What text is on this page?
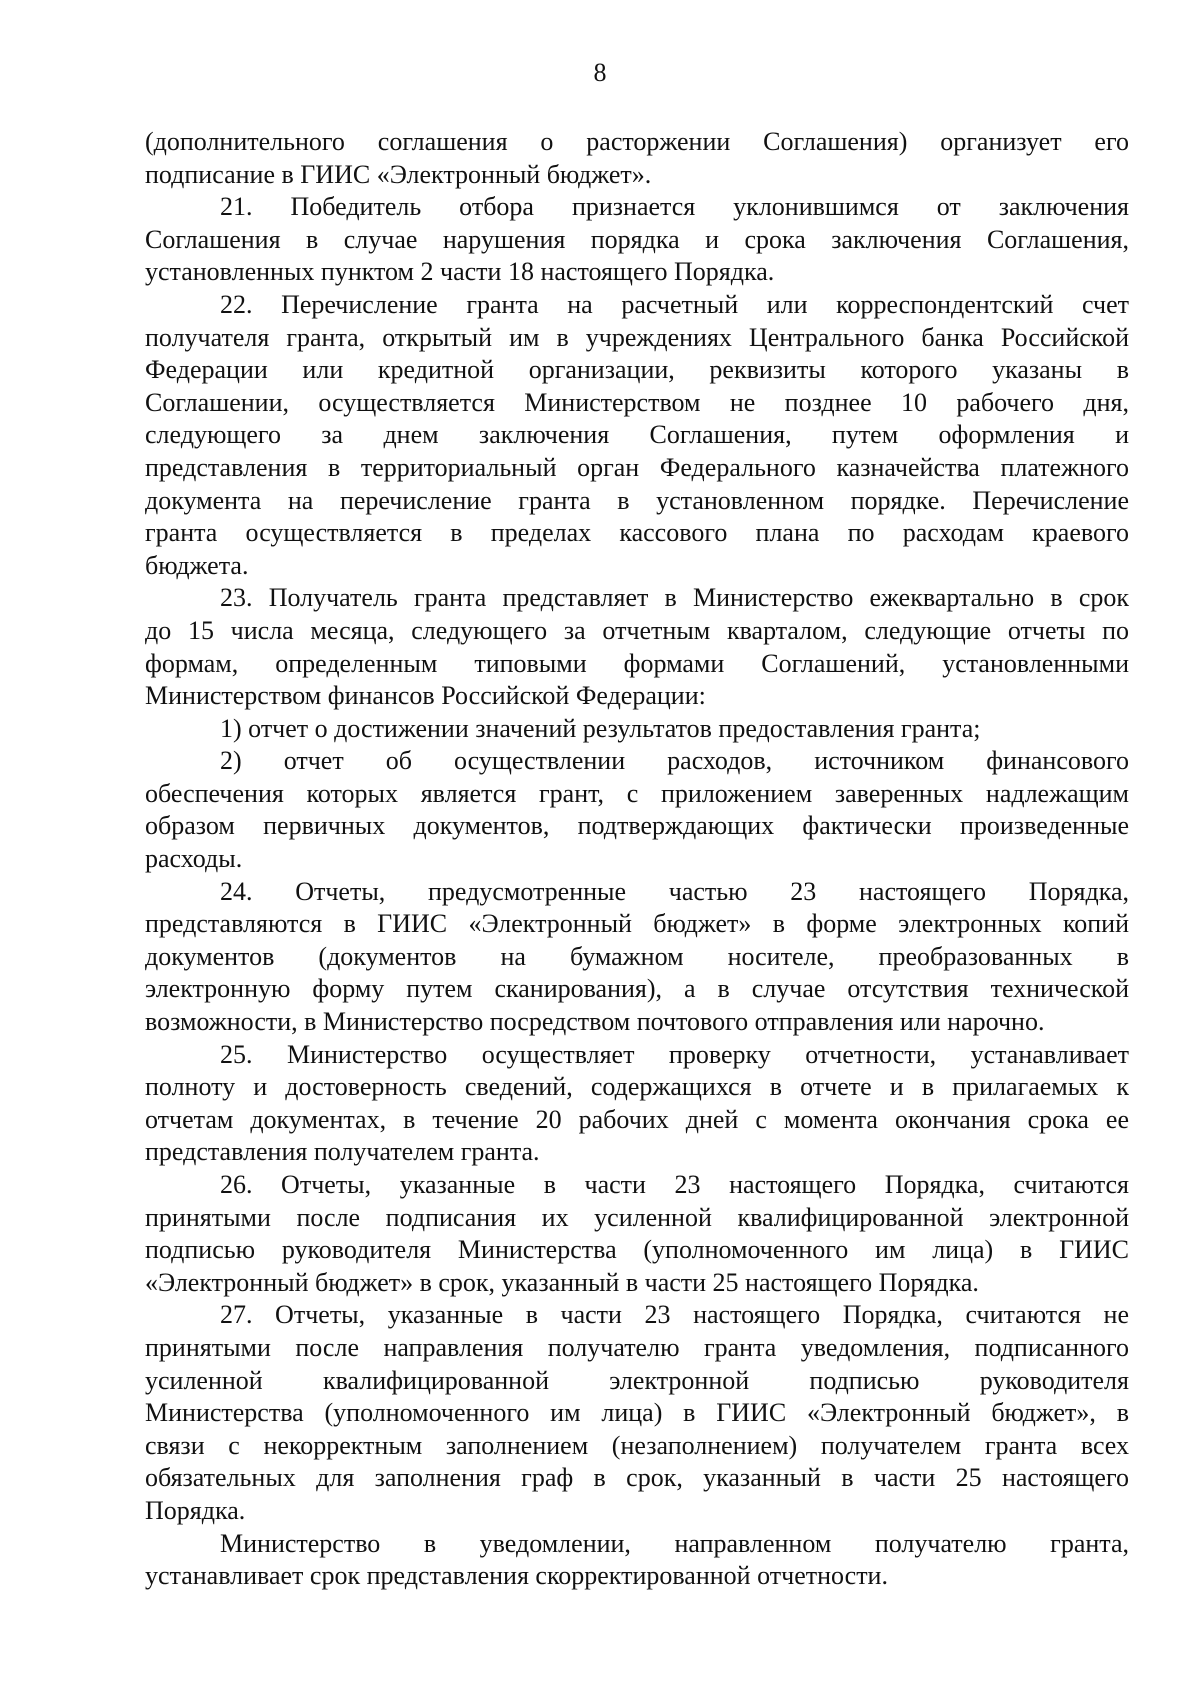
8
(дополнительного соглашения о расторжении Соглашения) организует его
подписание в ГИИС «Электронный бюджет».
21. Победитель отбора признается уклонившимся от заключения
Соглашения в случае нарушения порядка и срока заключения Соглашения,
установленных пунктом 2 части 18 настоящего Порядка.
22. Перечисление гранта на расчетный или корреспондентский счет
получателя гранта, открытый им в учреждениях Центрального банка Российской
Федерации или кредитной организации, реквизиты которого указаны в
Соглашении, осуществляется Министерством не позднее 10 рабочего дня,
следующего за днем заключения Соглашения, путем оформления и
представления в территориальный орган Федерального казначейства платежного
документа на перечисление гранта в установленном порядке. Перечисление
гранта осуществляется в пределах кассового плана по расходам краевого
бюджета.
23. Получатель гранта представляет в Министерство ежеквартально в срок
до 15 числа месяца, следующего за отчетным кварталом, следующие отчеты по
формам, определенным типовыми формами Соглашений, установленными
Министерством финансов Российской Федерации:
1) отчет о достижении значений результатов предоставления гранта;
2) отчет об осуществлении расходов, источником финансового
обеспечения которых является грант, с приложением заверенных надлежащим
образом первичных документов, подтверждающих фактически произведенные
расходы.
24. Отчеты, предусмотренные частью 23 настоящего Порядка,
представляются в ГИИС «Электронный бюджет» в форме электронных копий
документов (документов на бумажном носителе, преобразованных в
электронную форму путем сканирования), а в случае отсутствия технической
возможности, в Министерство посредством почтового отправления или нарочно.
25. Министерство осуществляет проверку отчетности, устанавливает
полноту и достоверность сведений, содержащихся в отчете и в прилагаемых к
отчетам документах, в течение 20 рабочих дней с момента окончания срока ее
представления получателем гранта.
26. Отчеты, указанные в части 23 настоящего Порядка, считаются
принятыми после подписания их усиленной квалифицированной электронной
подписью руководителя Министерства (уполномоченного им лица) в ГИИС
«Электронный бюджет» в срок, указанный в части 25 настоящего Порядка.
27. Отчеты, указанные в части 23 настоящего Порядка, считаются не
принятыми после направления получателю гранта уведомления, подписанного
усиленной квалифицированной электронной подписью руководителя
Министерства (уполномоченного им лица) в ГИИС «Электронный бюджет», в
связи с некорректным заполнением (незаполнением) получателем гранта всех
обязательных для заполнения граф в срок, указанный в части 25 настоящего
Порядка.
Министерство в уведомлении, направленном получателю гранта,
устанавливает срок представления скорректированной отчетности.
